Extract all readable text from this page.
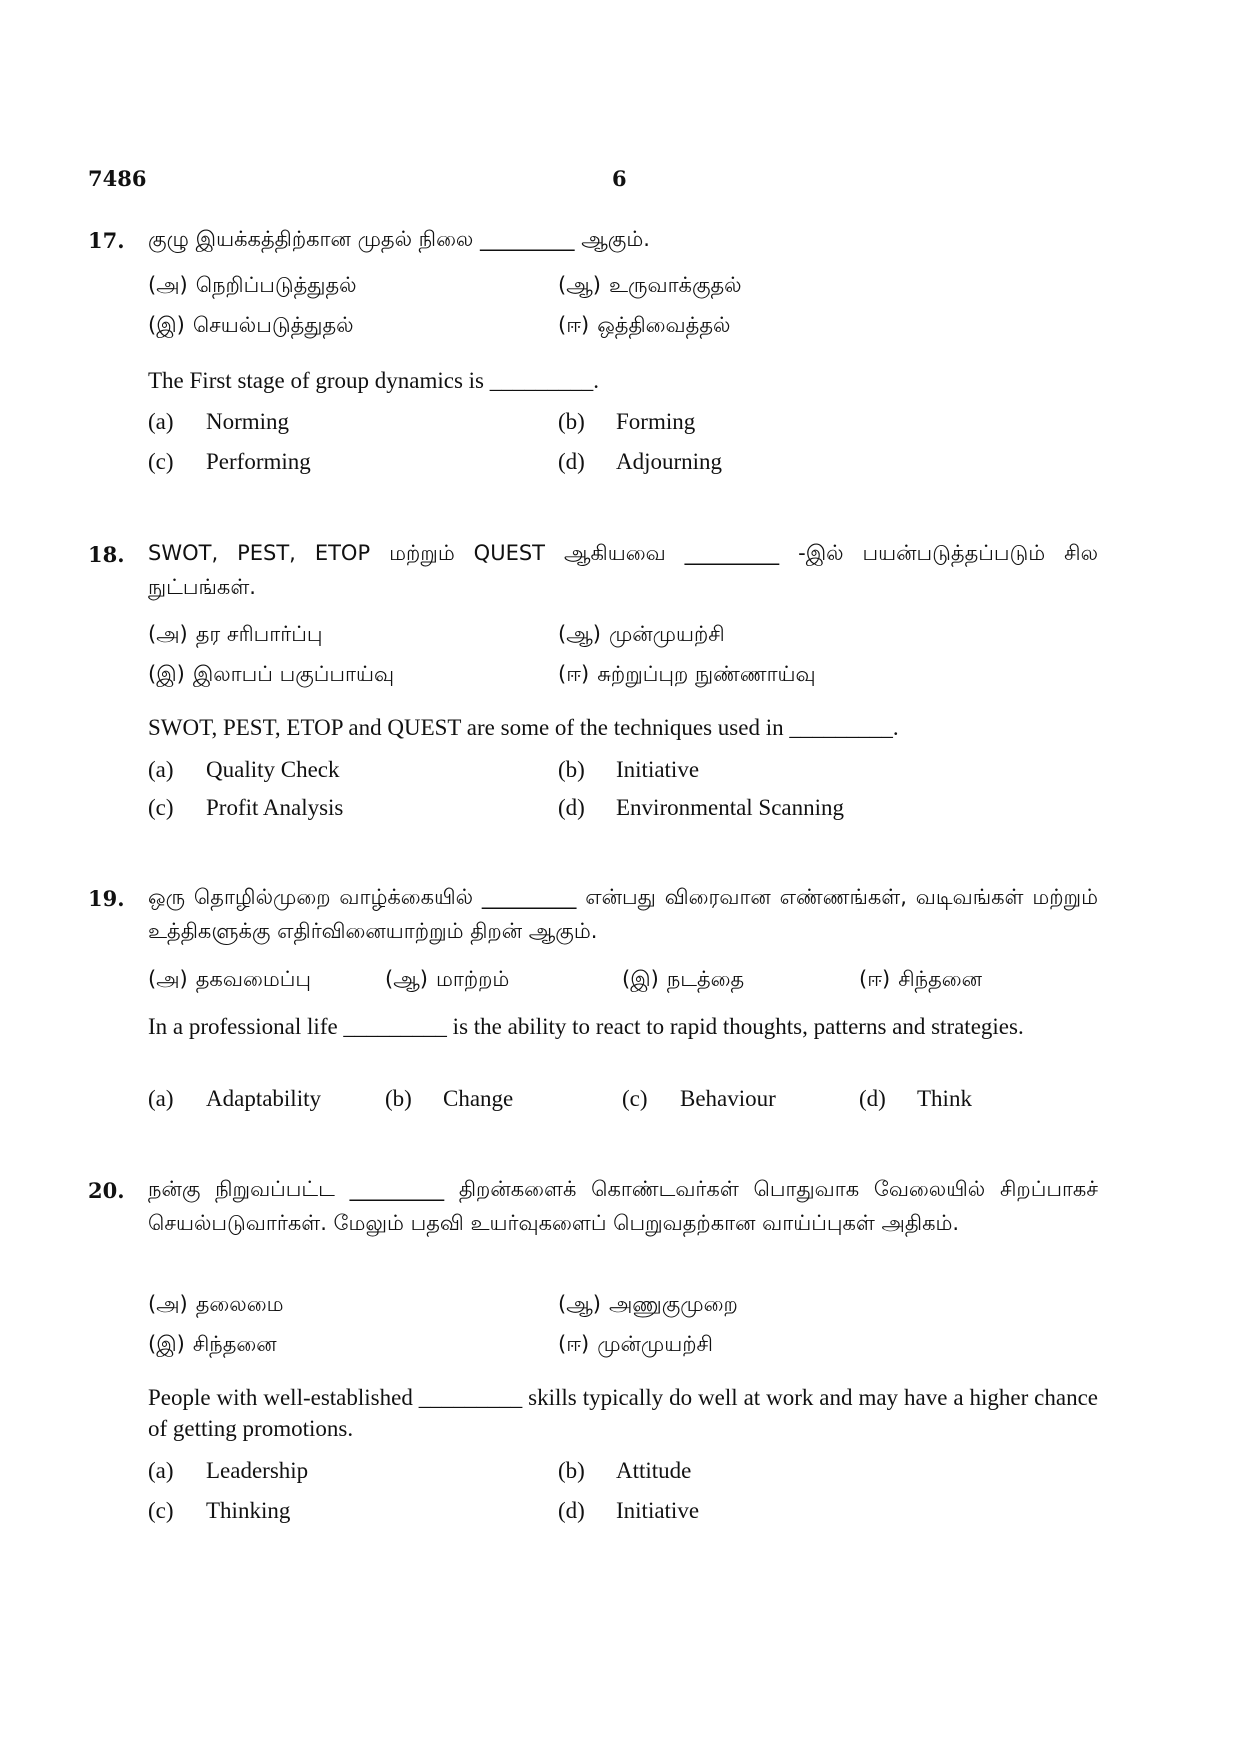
7486	6
17. குழு இயக்கத்திற்கான முதல் நிலை _________ ஆகும்.
(அ) நெறிப்படுத்துதல்	(ஆ) உருவாக்குதல்
(இ) செயல்படுத்துதல்	(ஈ) ஒத்திவைத்தல்
The First stage of group dynamics is _________.
(a) Norming	(b) Forming
(c) Performing	(d) Adjourning
18. SWOT, PEST, ETOP மற்றும் QUEST ஆகியவை _________ -இல் பயன்படுத்தப்படும் சில நுட்பங்கள்.
(அ) தர சரிபார்ப்பு	(ஆ) முன்முயற்சி
(இ) இலாபப் பகுப்பாய்வு	(ஈ) சுற்றுப்புற நுண்ணாய்வு
SWOT, PEST, ETOP and QUEST are some of the techniques used in _________.
(a) Quality Check	(b) Initiative
(c) Profit Analysis	(d) Environmental Scanning
19. ஒரு தொழில்முறை வாழ்க்கையில் _________ என்பது விரைவான எண்ணங்கள், வடிவங்கள் மற்றும் உத்திகளுக்கு எதிர்வினையாற்றும் திறன் ஆகும்.
(அ) தகவமைப்பு	(ஆ) மாற்றம்	(இ) நடத்தை	(ஈ) சிந்தனை
In a professional life _________ is the ability to react to rapid thoughts, patterns and strategies.
(a) Adaptability	(b) Change	(c) Behaviour	(d) Think
20. நன்கு நிறுவப்பட்ட _________ திறன்களைக் கொண்டவர்கள் பொதுவாக வேலையில் சிறப்பாகச் செயல்படுவார்கள். மேலும் பதவி உயர்வுகளைப் பெறுவதற்கான வாய்ப்புகள் அதிகம்.
(அ) தலைமை	(ஆ) அணுகுமுறை
(இ) சிந்தனை	(ஈ) முன்முயற்சி
People with well-established _________ skills typically do well at work and may have a higher chance of getting promotions.
(a) Leadership	(b) Attitude
(c) Thinking	(d) Initiative
